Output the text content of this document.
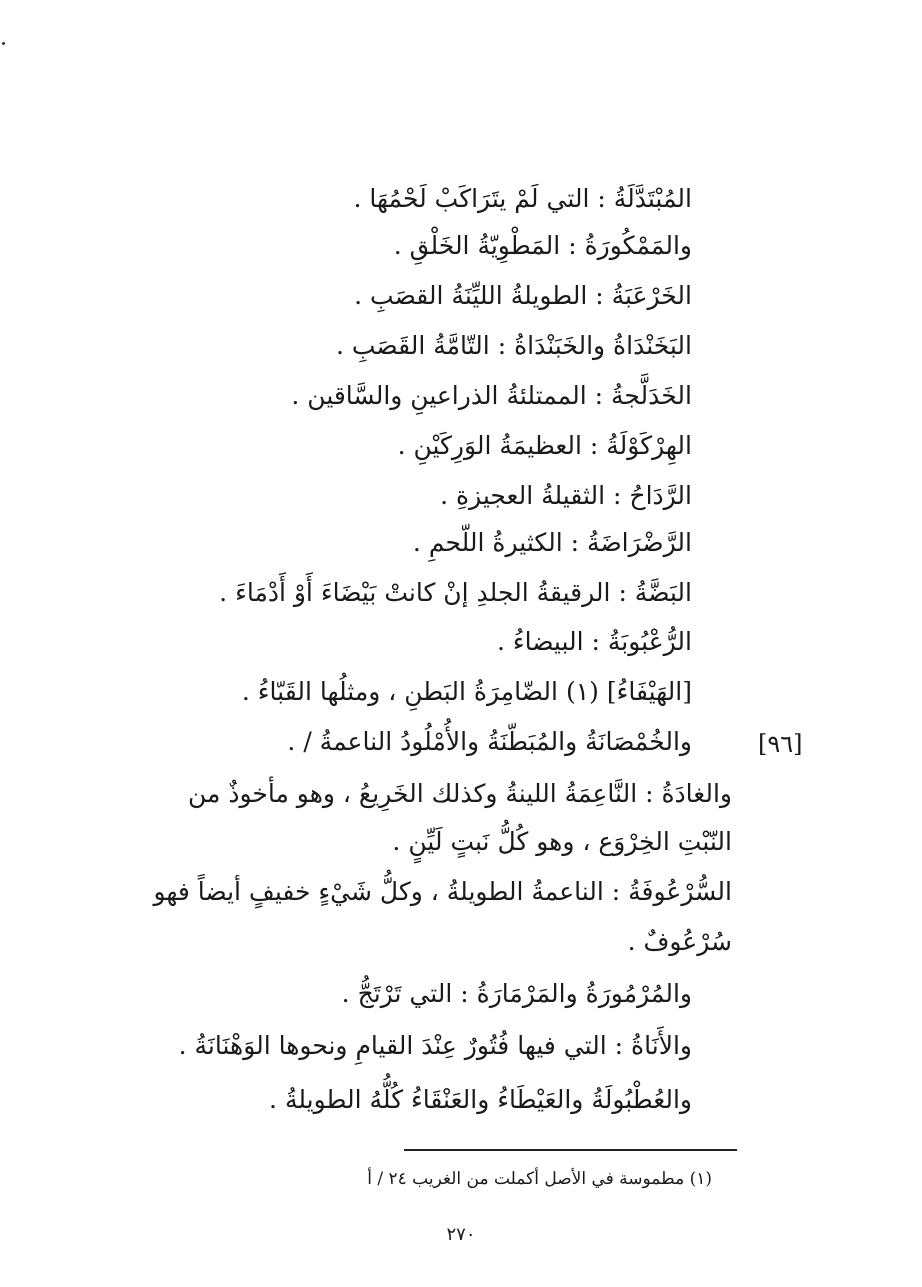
المُبْتَدَّلَةُ : التي لَمْ يتَرَاكَبْ لَحْمُهَا .
والمَمْكُورَةُ : المَطْوِيّةُ الخَلْقِ .
الخَرْعَبَةُ : الطويلةُ الليِّنَةُ القصَبِ .
البَخَنْدَاةُ والخَبَنْدَاةُ : التّامَّةُ القَصَبِ .
الخَدَلَّجةُ : الممتلئةُ الذراعينِ والسَّاقين .
الهِرْكَوْلَةُ : العظيمَةُ الوَرِكَيْنِ .
الرَّدَاحُ : الثقيلةُ العجيزةِ .
الرَّضْرَاضَةُ : الكثيرةُ اللّحمِ .
البَضَّةُ : الرقيقةُ الجلدِ إنْ كانتْ بَيْضَاءَ أَوْ أَدْمَاءَ .
الرُّعْبُوبَةُ : البيضاءُ .
[الهَيْفَاءُ] (١) الضّامِرَةُ البَطنِ ، ومثلُها القَبّاءُ .
والخُمْصَانَةُ والمُبَطّنَةُ والأُمْلُودُ الناعمةُ / .	[٩٦]
والغادَةُ : النَّاعِمَةُ اللينةُ وكذلك الخَرِيعُ ، وهو مأخوذٌ من
النّبْتِ الخِرْوَع ، وهو كُلُّ نَبتٍ لَيِّنٍ .
السُّرْعُوفَةُ : الناعمةُ الطويلةُ ، وكلُّ شَيْءٍ خفيفٍ أيضاً فهو
سُرْعُوفٌ .
والمُرْمُورَةُ والمَرْمَارَةُ : التي تَرْتَجُّ .
والأَنَاةُ : التي فيها فُتُورٌ عِنْدَ القيامِ ونحوها الوَهْنَانَةُ .
والعُطْبُولَةُ والعَيْطَاءُ والعَنْقَاءُ كُلُّهُ الطويلةُ .
(١) مطموسة في الأصل أكملت من الغريب ٢٤ / أ
٢٧٠
